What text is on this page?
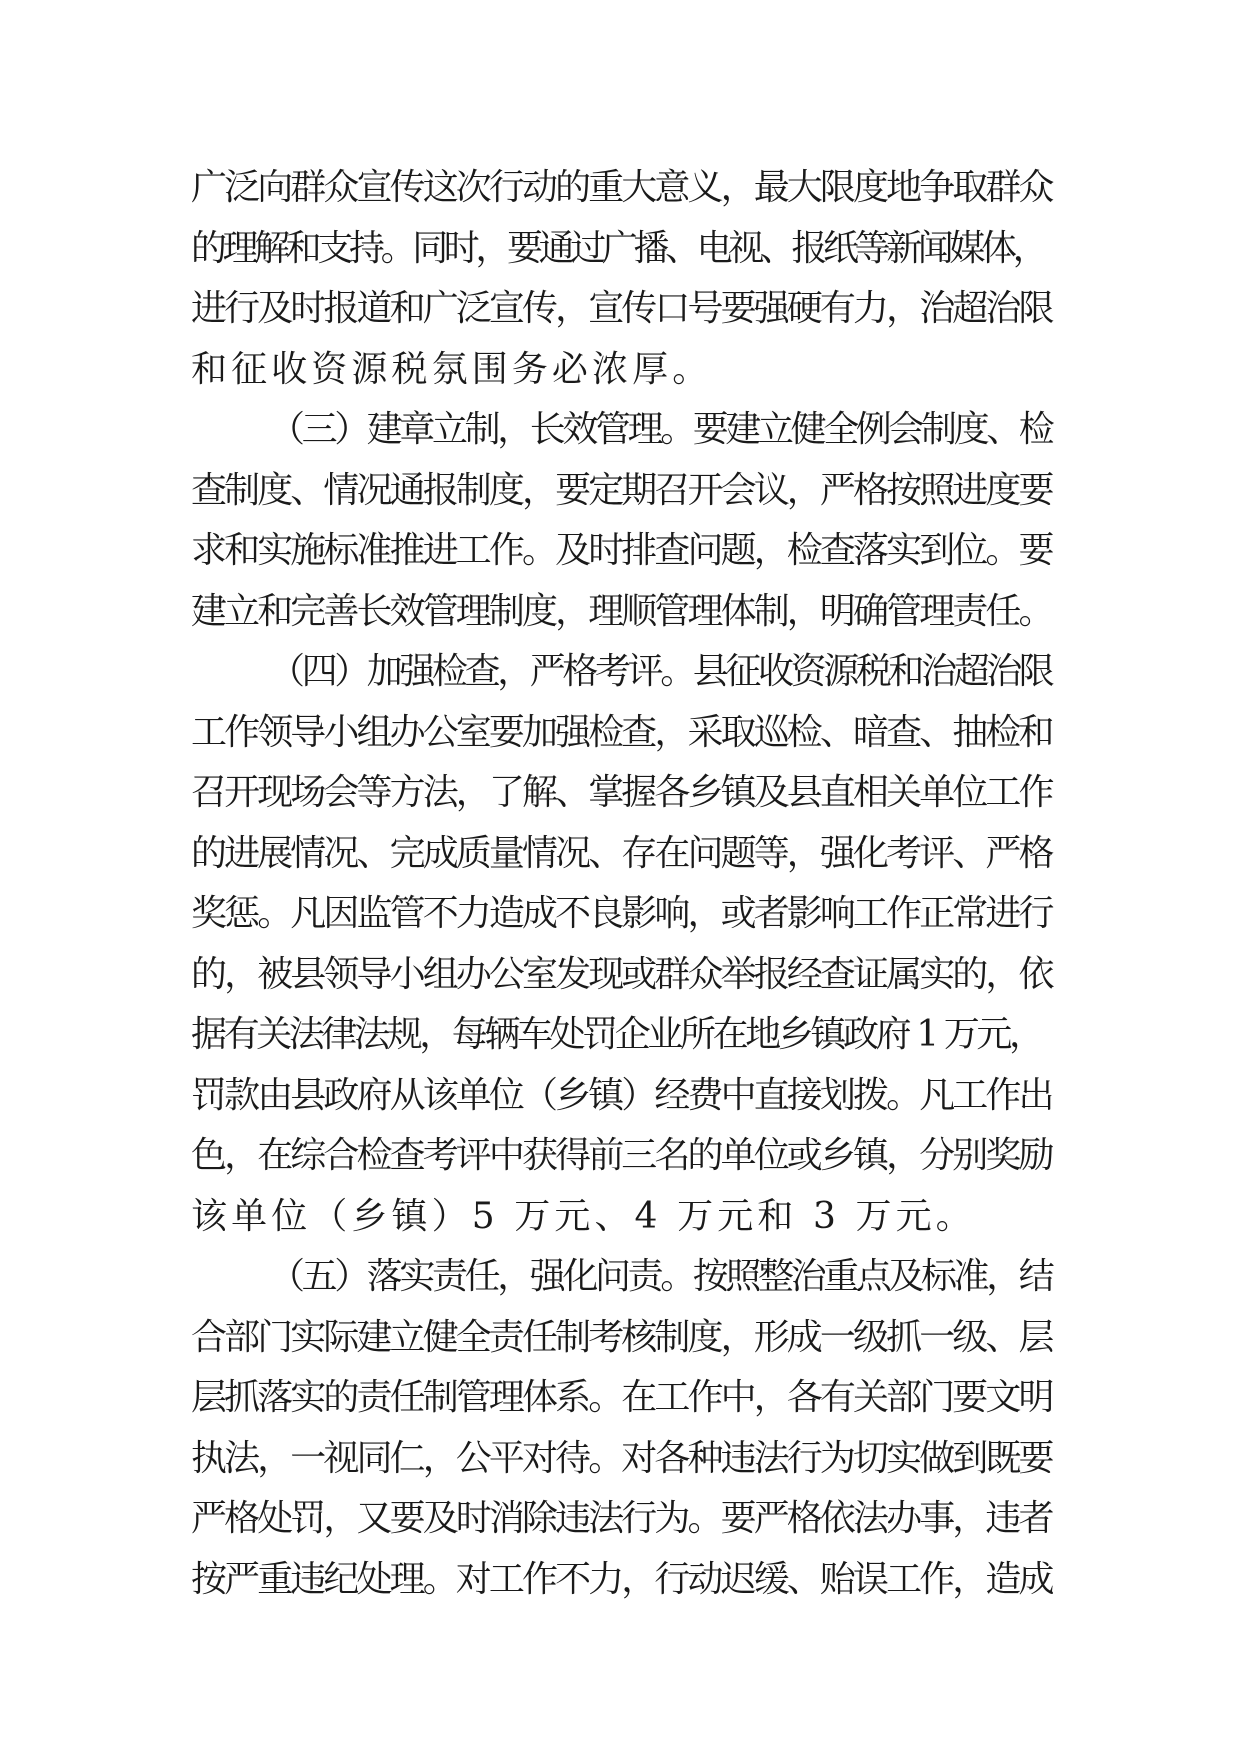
广泛向群众宣传这次行动的重大意义，最大限度地争取群众
的理解和支持。同时，要通过广播、电视、报纸等新闻媒体，
进行及时报道和广泛宣传，宣传口号要强硬有力，治超治限
和征收资源税氛围务必浓厚。
（三）建章立制，长效管理。要建立健全例会制度、检
查制度、情况通报制度，要定期召开会议，严格按照进度要
求和实施标准推进工作。及时排查问题，检查落实到位。要
建立和完善长效管理制度，理顺管理体制，明确管理责任。
（四）加强检查，严格考评。县征收资源税和治超治限
工作领导小组办公室要加强检查，采取巡检、暗查、抽检和
召开现场会等方法，了解、掌握各乡镇及县直相关单位工作
的进展情况、完成质量情况、存在问题等，强化考评、严格
奖惩。凡因监管不力造成不良影响，或者影响工作正常进行
的，被县领导小组办公室发现或群众举报经查证属实的，依
据有关法律法规，每辆车处罚企业所在地乡镇政府 1 万元，
罚款由县政府从该单位（乡镇）经费中直接划拨。凡工作出
色，在综合检查考评中获得前三名的单位或乡镇，分别奖励
该单位（乡镇）5 万元、4 万元和 3 万元。
（五）落实责任，强化问责。按照整治重点及标准，结
合部门实际建立健全责任制考核制度，形成一级抓一级、层
层抓落实的责任制管理体系。在工作中，各有关部门要文明
执法，一视同仁，公平对待。对各种违法行为切实做到既要
严格处罚，又要及时消除违法行为。要严格依法办事，违者
按严重违纪处理。对工作不力，行动迟缓、贻误工作，造成
